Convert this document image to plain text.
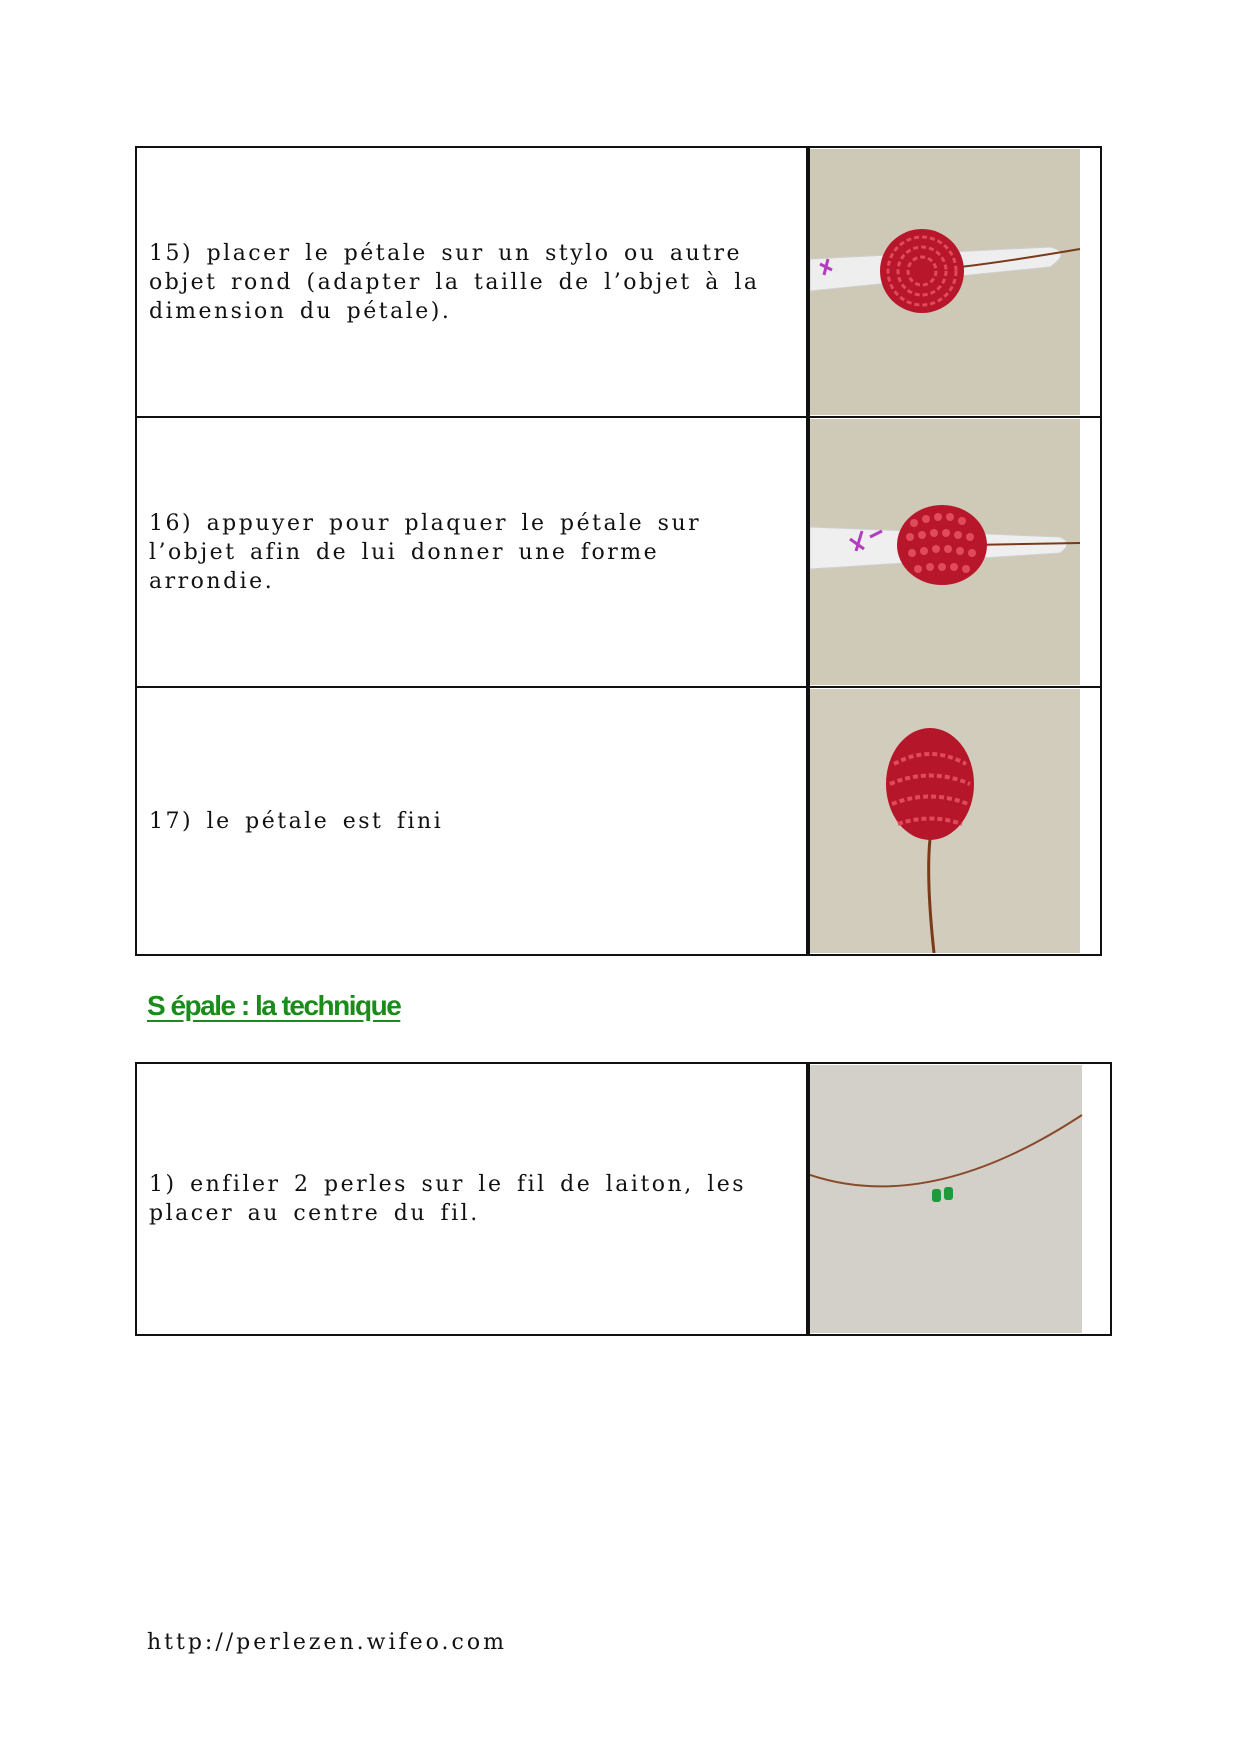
15) placer le pétale sur un stylo ou autre objet rond (adapter la taille de l’objet à la dimension du pétale).	

16) appuyer pour plaquer le pétale sur l’objet afin de lui donner une forme arrondie.	

17) le pétale est fini	
S épale : la technique
1) enfiler 2 perles sur le fil de laiton, les placer au centre du fil.	
http://perlezen.wifeo.com
